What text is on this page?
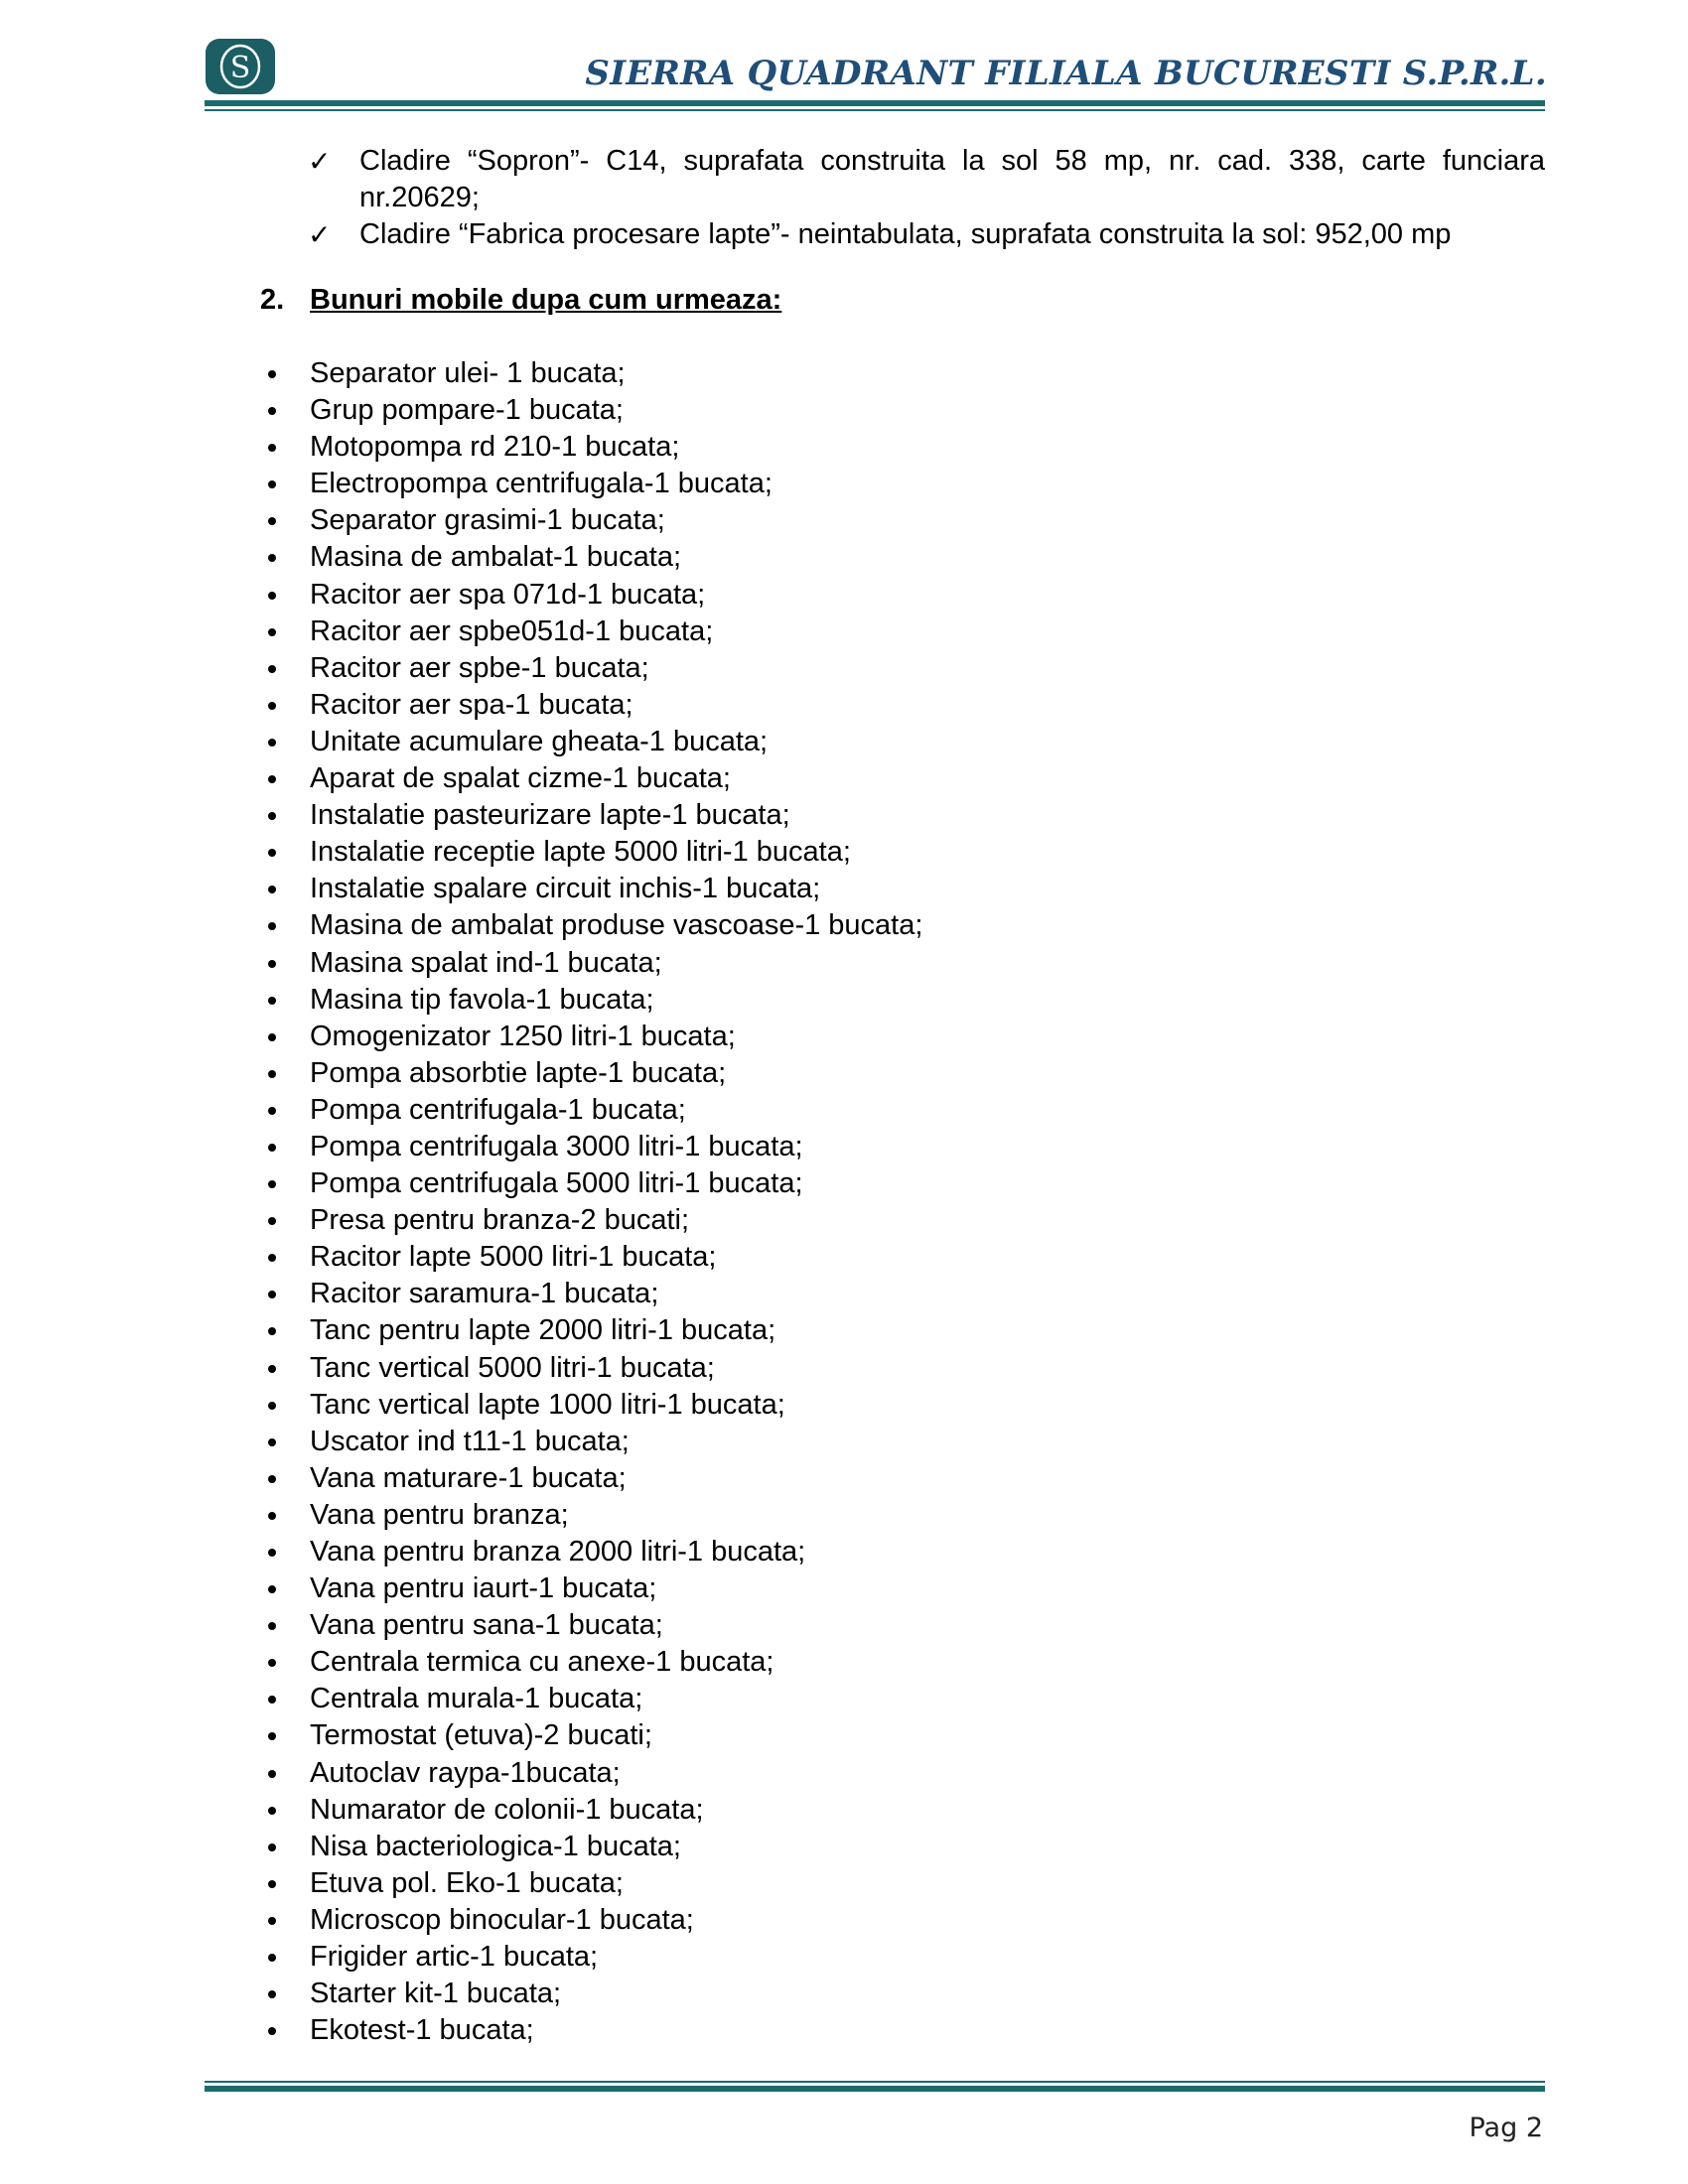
S	SIERRA QUADRANT FILIALA BUCURESTI S.P.R.L.
✓ Cladire “Sopron”- C14, suprafata construita la sol 58 mp, nr. cad. 338, carte funciara nr.20629;
✓ Cladire “Fabrica procesare lapte”- neintabulata, suprafata construita la sol: 952,00 mp
2. Bunuri mobile dupa cum urmeaza:
Separator ulei- 1 bucata;
Grup pompare-1 bucata;
Motopompa rd 210-1 bucata;
Electropompa centrifugala-1 bucata;
Separator grasimi-1 bucata;
Masina de ambalat-1 bucata;
Racitor aer spa 071d-1 bucata;
Racitor aer spbe051d-1 bucata;
Racitor aer spbe-1 bucata;
Racitor aer spa-1 bucata;
Unitate acumulare gheata-1 bucata;
Aparat de spalat cizme-1 bucata;
Instalatie pasteurizare lapte-1 bucata;
Instalatie receptie lapte 5000 litri-1 bucata;
Instalatie spalare circuit inchis-1 bucata;
Masina de ambalat produse vascoase-1 bucata;
Masina spalat ind-1 bucata;
Masina tip favola-1 bucata;
Omogenizator 1250 litri-1 bucata;
Pompa absorbtie lapte-1 bucata;
Pompa centrifugala-1 bucata;
Pompa centrifugala 3000 litri-1 bucata;
Pompa centrifugala 5000 litri-1 bucata;
Presa pentru branza-2 bucati;
Racitor lapte 5000 litri-1 bucata;
Racitor saramura-1 bucata;
Tanc pentru lapte 2000 litri-1 bucata;
Tanc vertical 5000 litri-1 bucata;
Tanc vertical lapte 1000 litri-1 bucata;
Uscator ind t11-1 bucata;
Vana maturare-1 bucata;
Vana pentru branza;
Vana pentru branza 2000 litri-1 bucata;
Vana pentru iaurt-1 bucata;
Vana pentru sana-1 bucata;
Centrala termica cu anexe-1 bucata;
Centrala murala-1 bucata;
Termostat (etuva)-2 bucati;
Autoclav raypa-1bucata;
Numarator de colonii-1 bucata;
Nisa bacteriologica-1 bucata;
Etuva pol. Eko-1 bucata;
Microscop binocular-1 bucata;
Frigider artic-1 bucata;
Starter kit-1 bucata;
Ekotest-1 bucata;
Pag 2
